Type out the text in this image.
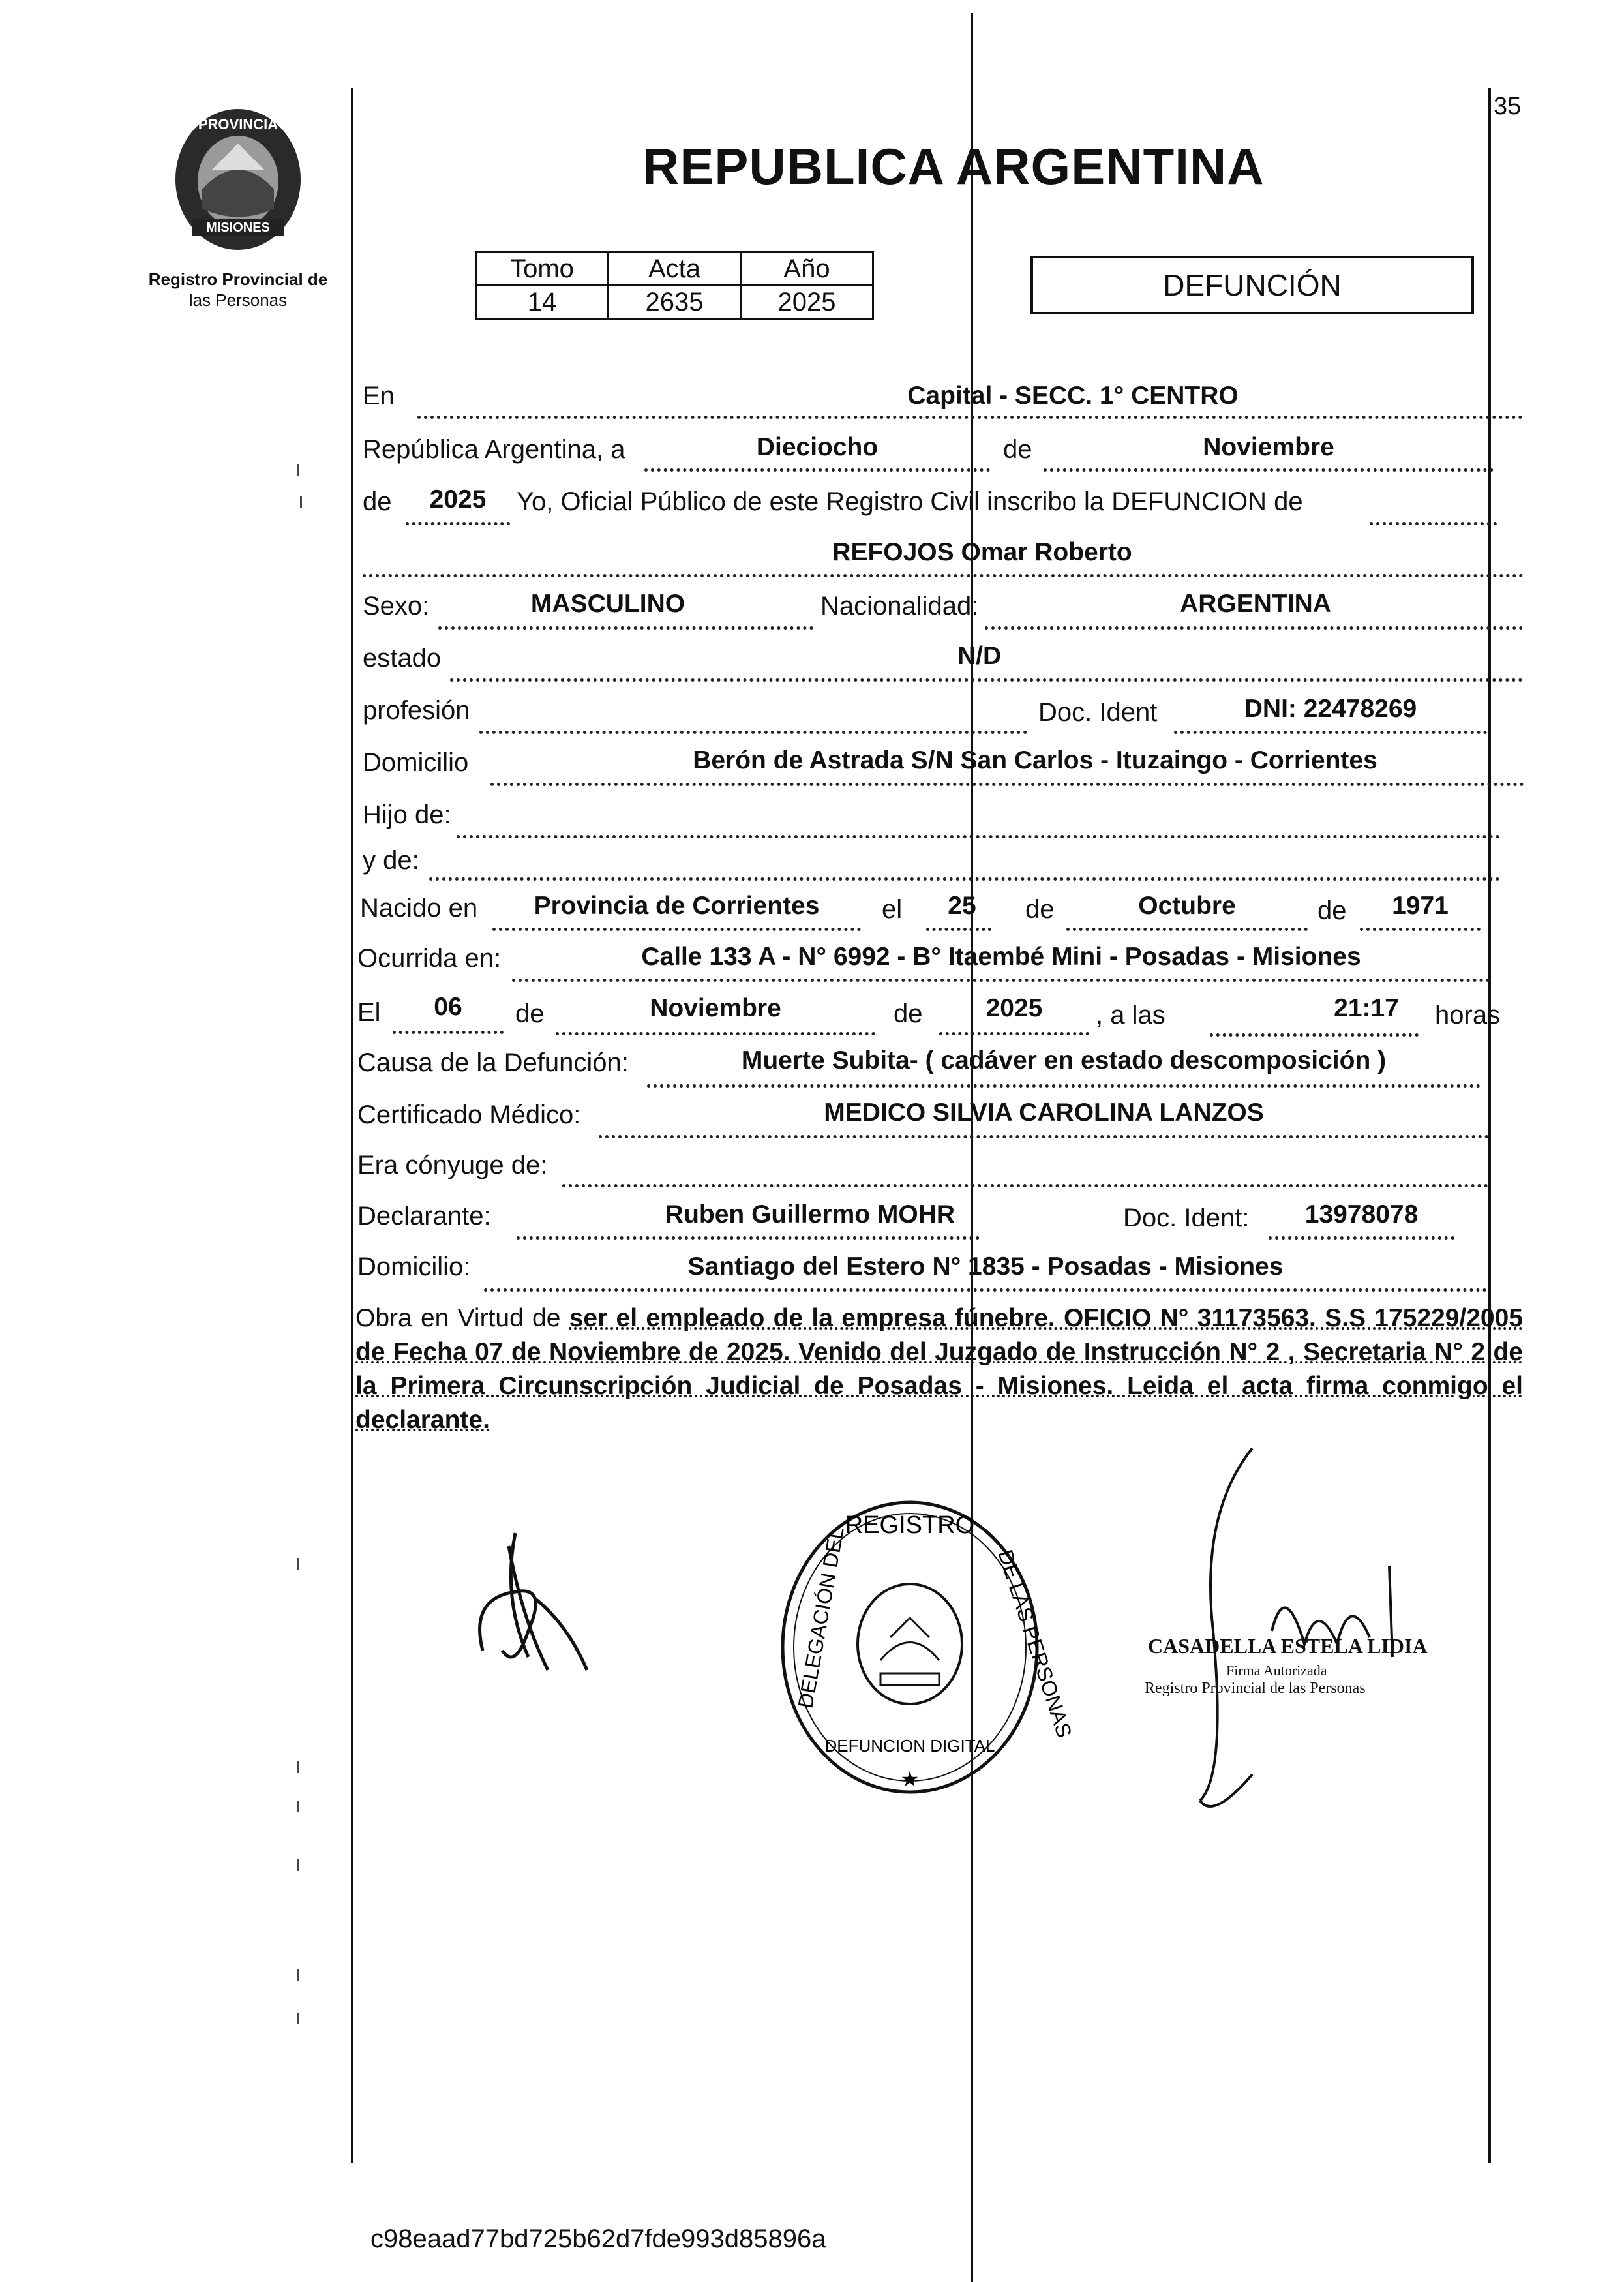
PROVINCIA
MISIONES
Registro Provincial de
las Personas
35
REPUBLICA ARGENTINA
Tomo	Acta	Año
14	2635	2025	DEFUNCIÓN
En	Capital - SECC. 1° CENTRO
República Argentina, a	Dieciocho	de	Noviembre
de	2025	Yo, Oficial Público de este Registro Civil inscribo la DEFUNCION de
REFOJOS Omar Roberto
Sexo:	MASCULINO	Nacionalidad:	ARGENTINA
estado	N/D
profesión	Doc. Ident	DNI: 22478269
Domicilio	Berón de Astrada S/N San Carlos - Ituzaingo - Corrientes
Hijo de:
y de:
Nacido en	Provincia de Corrientes	el	25	de	Octubre	de	1971
Ocurrida en:	Calle 133 A - N° 6992 - B° Itaembé Mini - Posadas - Misiones
El	06	de	Noviembre	de	2025	, a las	21:17	horas
Causa de la Defunción:	Muerte Subita- ( cadáver en estado descomposición )
Certificado Médico:	MEDICO SILVIA CAROLINA LANZOS
Era cónyuge de:
Declarante:	Ruben Guillermo MOHR	Doc. Ident:	13978078
Domicilio:	Santiago del Estero N° 1835 - Posadas - Misiones
Obra en Virtud de ser el empleado de la empresa fúnebre. OFICIO N° 31173563. S.S 175229/2005 de Fecha 07 de Noviembre de 2025. Venido del Juzgado de Instrucción N° 2 , Secretaria N° 2 de la Primera Circunscripción Judicial de Posadas - Misiones. Leida el acta firma conmigo el declarante.
REGISTRO
DELEGACIÓN DEL	DE LAS PERSONAS
DEFUNCION DIGITAL
★
CASADELLA ESTELA LIDIA
Firma Autorizada
Registro Provincial de las Personas
c98eaad77bd725b62d7fde993d85896a
